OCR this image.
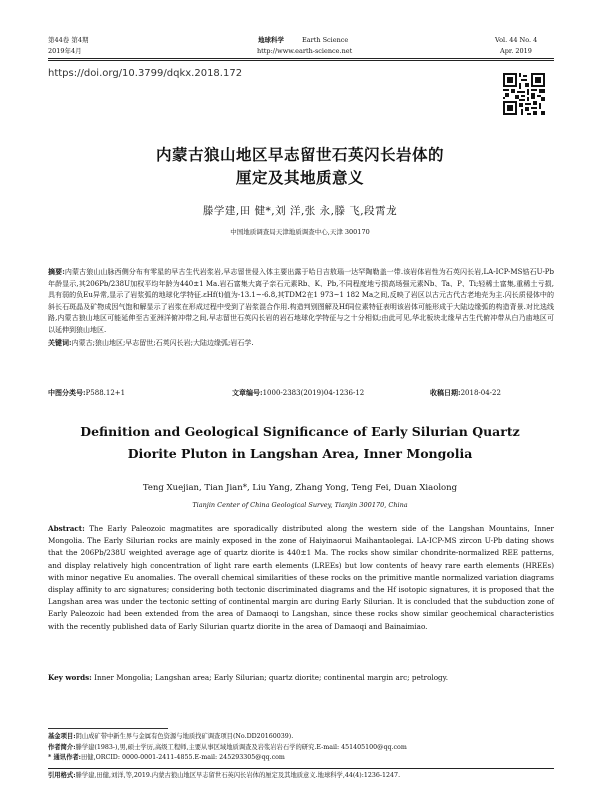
第44卷 第4期
2019年4月
地球科学	Earth Science
http://www.earth-science.net
Vol. 44 No. 4
Apr. 2019
https://doi.org/10.3799/dqkx.2018.172
内蒙古狼山地区早志留世石英闪长岩体的
厘定及其地质意义
滕学建,田 健*,刘 洋,张 永,滕 飞,段霄龙
中国地质调查局天津地质调查中心,天津 300170
摘要:内蒙古狼山山脉西侧分布有零星的早古生代岩浆岩,早志留世侵入体主要出露于哈日吉敖瑙一达罕陶勒盖一带.该岩体岩性为石英闪长岩,LA-ICP-MS锆石U-Pb年龄显示,其206Pb/238U加权平均年龄为440±1 Ma.岩石富集大离子亲石元素Rb、K、Pb,不同程度地亏损高场强元素Nb、Ta、P、Ti;轻稀土富集,重稀土亏损,具有弱的负Eu异常,显示了岩浆弧的地球化学特征.εHf(t)值为-13.1~-6.8,其TDM2在1 973~1 182 Ma之间,反映了岩区以古元古代古老地壳为主.闪长质侵体中的斜长石斑晶及矿物成因气饱和解显示了岩浆在形成过程中受到了岩浆混合作用.构造判别图解及Hf同位素特征表明该岩体可能形成于大陆边缘弧的构造背景.对比选线路,内蒙古狼山地区可能延伸至古亚洲洋俯冲带之间,早志留世石英闪长岩的岩石地球化学特征与之十分相似;由此可见,华北板块北缘早古生代俯冲带从白乃庙地区可以延伸到狼山地区.
关键词:内蒙古;狼山地区;早志留世;石英闪长岩;大陆边缘弧;岩石学.
中图分类号:P588.12+1	文章编号:1000-2383(2019)04-1236-12	收稿日期:2018-04-22
Definition and Geological Significance of Early Silurian Quartz
Diorite Pluton in Langshan Area, Inner Mongolia
Teng Xuejian, Tian Jian*, Liu Yang, Zhang Yong, Teng Fei, Duan Xiaolong
Tianjin Center of China Geological Survey, Tianjin 300170, China
Abstract: The Early Paleozoic magmatites are sporadically distributed along the western side of the Langshan Mountains, Inner Mongolia. The Early Silurian rocks are mainly exposed in the zone of Haiyinaorui Maihantaolegai. LA-ICP-MS zircon U-Pb dating shows that the 206Pb/238U weighted average age of quartz diorite is 440±1 Ma. The rocks show similar chondrite-normalized REE patterns, and display relatively high concentration of light rare earth elements (LREEs) but low contents of heavy rare earth elements (HREEs) with minor negative Eu anomalies. The overall chemical similarities of these rocks on the primitive mantle normalized variation diagrams display affinity to arc signatures; considering both tectonic discriminated diagrams and the Hf isotopic signatures, it is proposed that the Langshan area was under the tectonic setting of continental margin arc during Early Silurian. It is concluded that the subduction zone of Early Paleozoic had been extended from the area of Damaoqi to Langshan, since these rocks show similar geochemical characteristics with the recently published data of Early Silurian quartz diorite in the area of Damaoqi and Bainaimiao.
Key words: Inner Mongolia; Langshan area; Early Silurian; quartz diorite; continental margin arc; petrology.
基金项目:阴山成矿带中新生界与金属有色资源与地质找矿调查项目(No.DD20160039).
作者简介:滕学建(1983-),男,硕士学历,高级工程师,主要从事区域地质调查及岩浆岩岩石学的研究.E-mail: 451405100@qq.com
* 通讯作者:田健,ORCID: 0000-0001-2411-4855.E-mail: 245293305@qq.com
引用格式:滕学建,田健,刘洋,等,2019.内蒙古狼山地区早志留世石英闪长岩体的厘定及其地质意义.地球科学,44(4):1236-1247.
